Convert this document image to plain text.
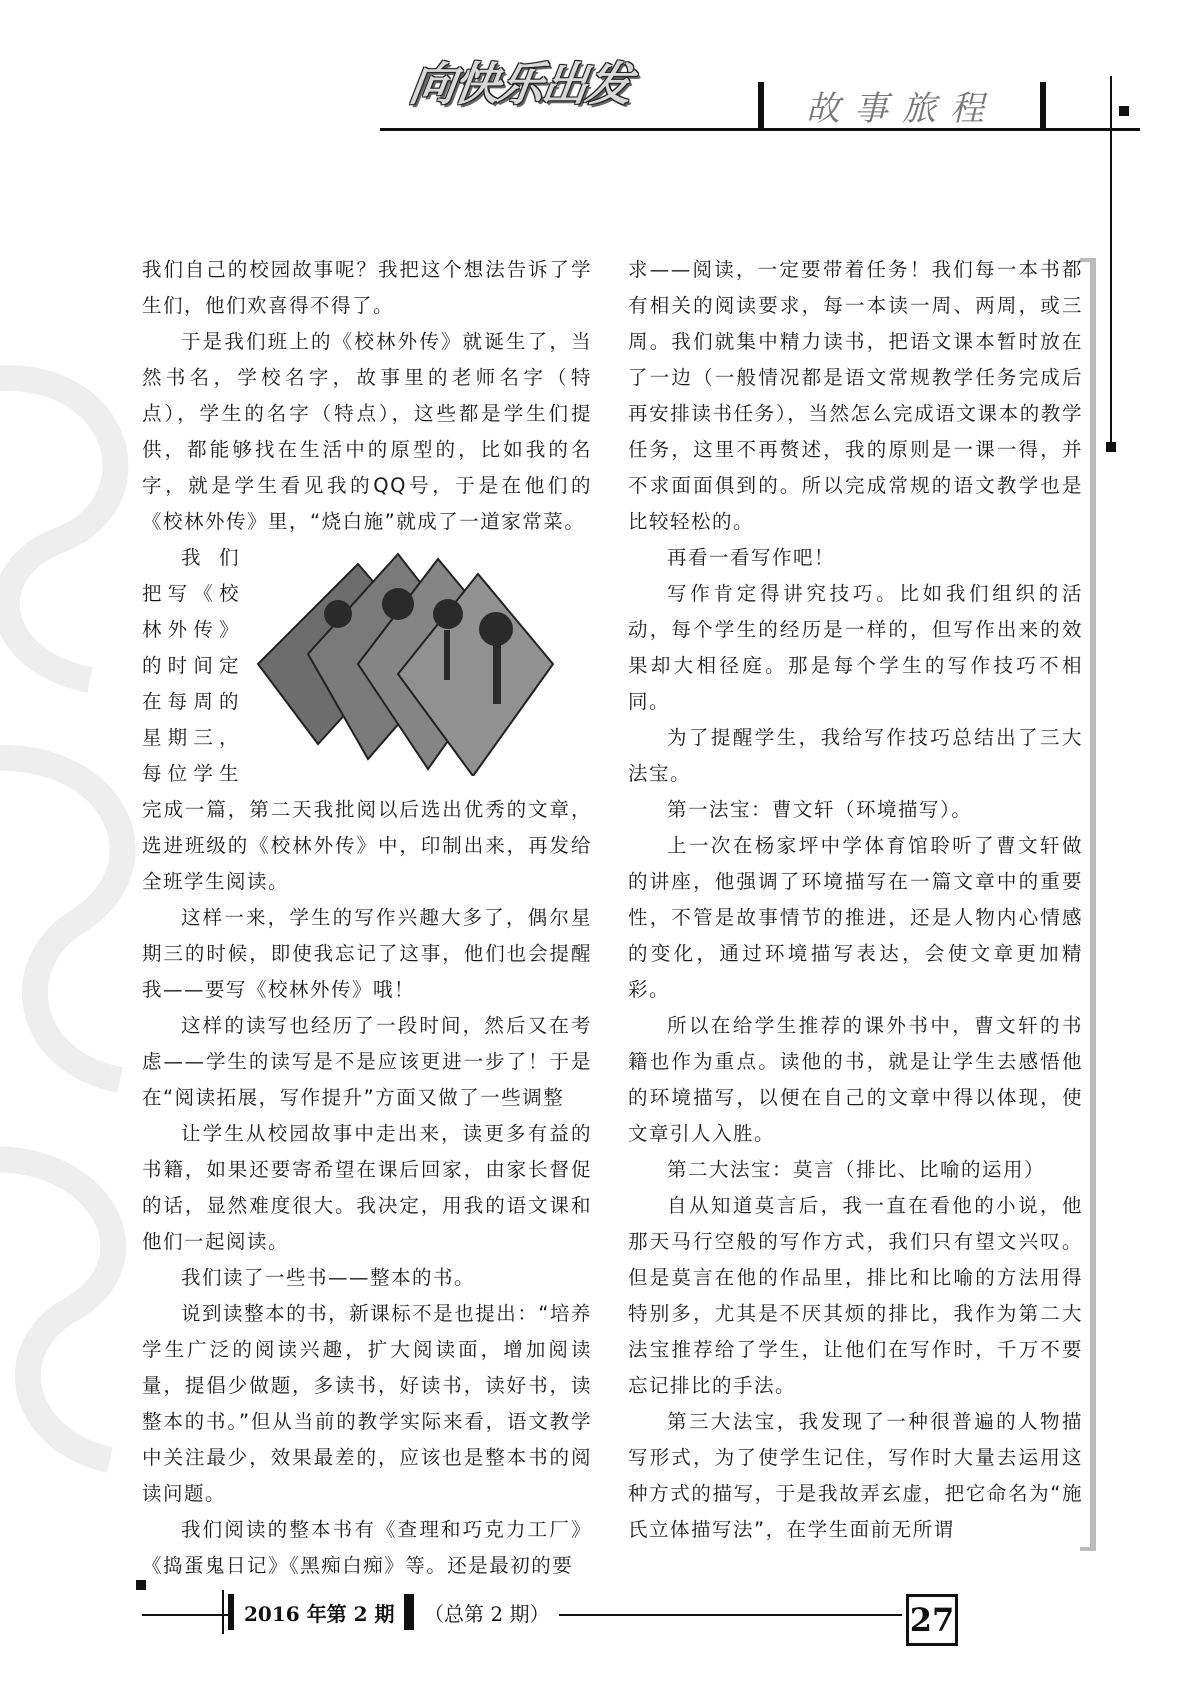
向快乐出发	故事旅程

我们自己的校园故事呢？我把这个想法告诉了学生们，他们欢喜得不得了。

于是我们班上的《校林外传》就诞生了，当然书名，学校名字，故事里的老师名字（特点），学生的名字（特点），这些都是学生们提供，都能够找在生活中的原型的，比如我的名字，就是学生看见我的QQ号，于是在他们的《校林外传》里，“烧白施”就成了一道家常菜。

我们把写《校林外传》的时间定在每周的星期三，每位学生完成一篇，第二天我批阅以后选出优秀的文章，选进班级的《校林外传》中，印制出来，再发给全班学生阅读。

这样一来，学生的写作兴趣大多了，偶尔星期三的时候，即使我忘记了这事，他们也会提醒我——要写《校林外传》哦！

这样的读写也经历了一段时间，然后又在考虑——学生的读写是不是应该更进一步了！于是在“阅读拓展，写作提升”方面又做了一些调整

让学生从校园故事中走出来，读更多有益的书籍，如果还要寄希望在课后回家，由家长督促的话，显然难度很大。我决定，用我的语文课和他们一起阅读。

我们读了一些书——整本的书。

说到读整本的书，新课标不是也提出：“培养学生广泛的阅读兴趣，扩大阅读面，增加阅读量，提倡少做题，多读书，好读书，读好书，读整本的书。”但从当前的教学实际来看，语文教学中关注最少，效果最差的，应该也是整本书的阅读问题。

我们阅读的整本书有《查理和巧克力工厂》《捣蛋鬼日记》《黑痴白痴》等。还是最初的要

求——阅读，一定要带着任务！我们每一本书都有相关的阅读要求，每一本读一周、两周，或三周。我们就集中精力读书，把语文课本暂时放在了一边（一般情况都是语文常规教学任务完成后再安排读书任务），当然怎么完成语文课本的教学任务，这里不再赘述，我的原则是一课一得，并不求面面俱到的。所以完成常规的语文教学也是比较轻松的。

再看一看写作吧！

写作肯定得讲究技巧。比如我们组织的活动，每个学生的经历是一样的，但写作出来的效果却大相径庭。那是每个学生的写作技巧不相同。

为了提醒学生，我给写作技巧总结出了三大法宝。

第一法宝：曹文轩（环境描写）。

上一次在杨家坪中学体育馆聆听了曹文轩做的讲座，他强调了环境描写在一篇文章中的重要性，不管是故事情节的推进，还是人物内心情感的变化，通过环境描写表达，会使文章更加精彩。

所以在给学生推荐的课外书中，曹文轩的书籍也作为重点。读他的书，就是让学生去感悟他的环境描写，以便在自己的文章中得以体现，使文章引人入胜。

第二大法宝：莫言（排比、比喻的运用）

自从知道莫言后，我一直在看他的小说，他那天马行空般的写作方式，我们只有望文兴叹。但是莫言在他的作品里，排比和比喻的方法用得特别多，尤其是不厌其烦的排比，我作为第二大法宝推荐给了学生，让他们在写作时，千万不要忘记排比的手法。

第三大法宝，我发现了一种很普遍的人物描写形式，为了使学生记住，写作时大量去运用这种方式的描写，于是我故弄玄虚，把它命名为“施氏立体描写法”，在学生面前无所谓

2016 年第 2 期	（总第 2 期）	27
